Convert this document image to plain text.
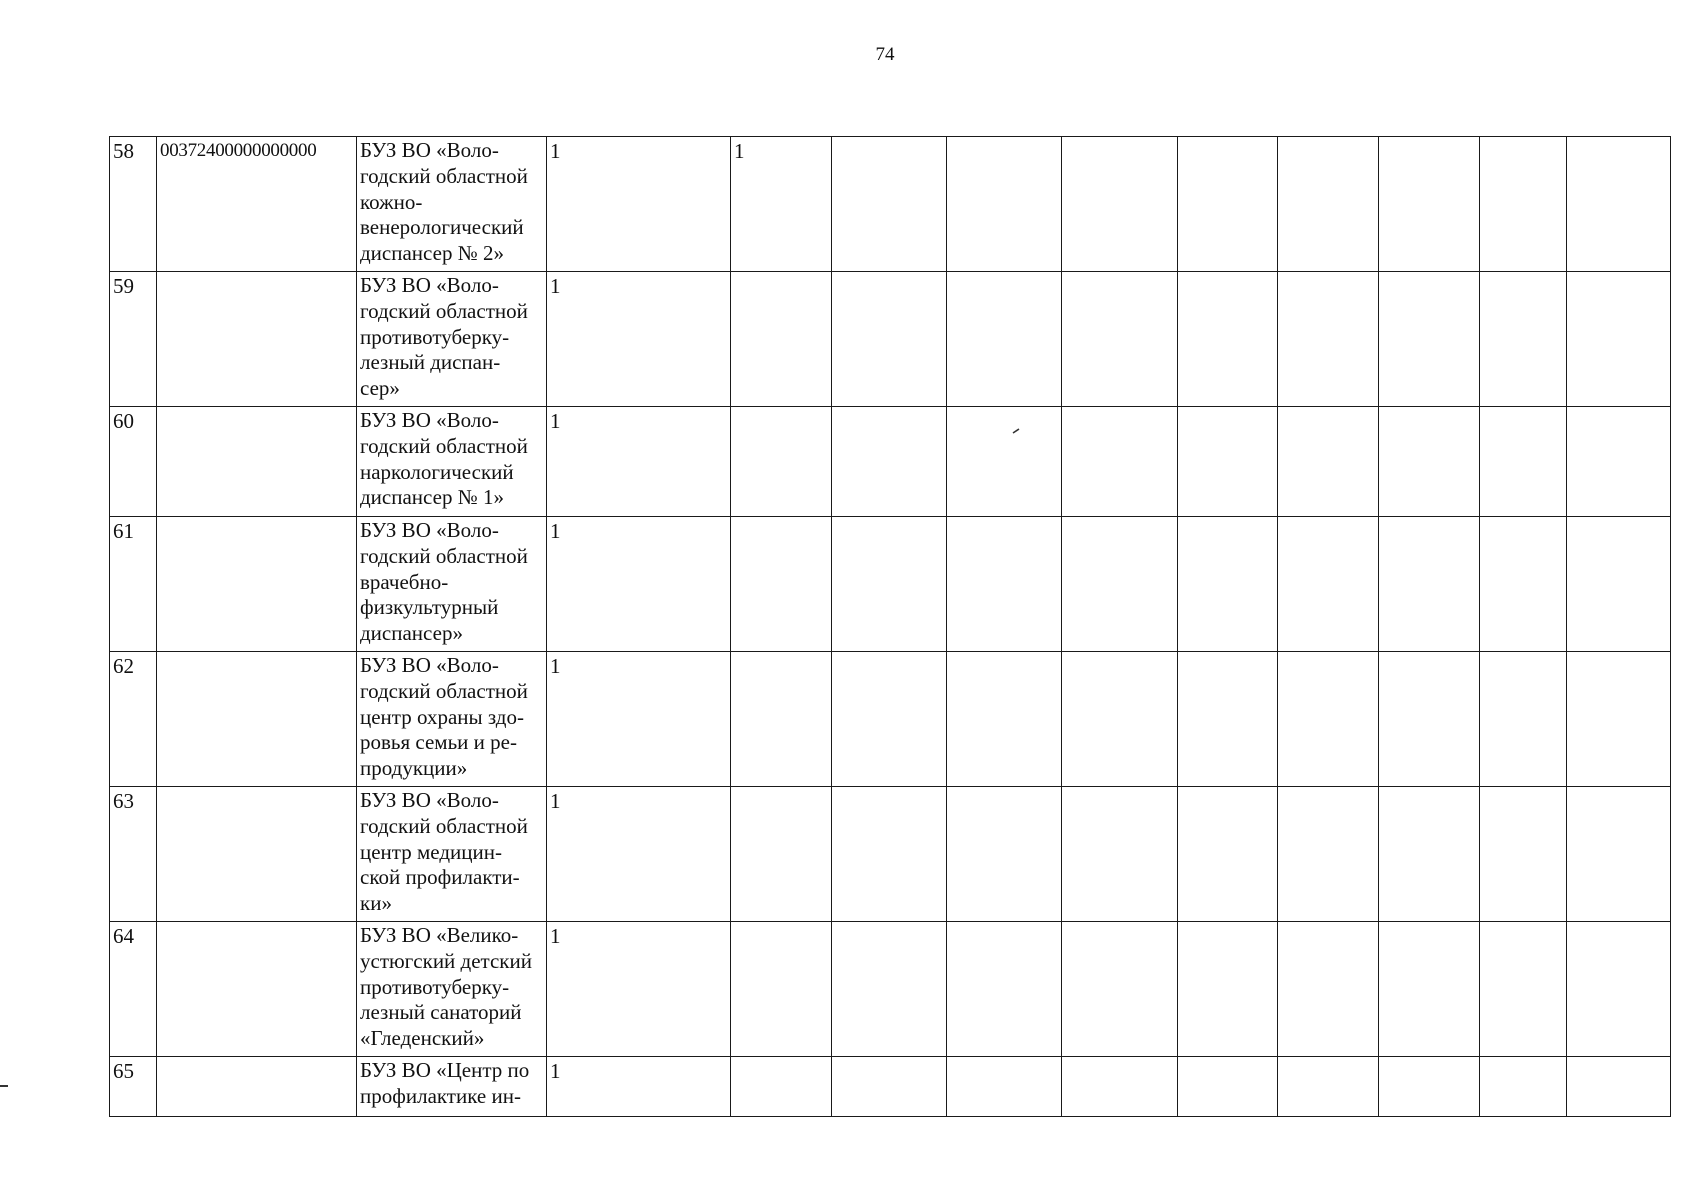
74
58	00372400000000000	БУЗ ВО «Воло-
годский областной
кожно-
венерологический
диспансер № 2»	1	1								
59		БУЗ ВО «Воло-
годский областной
противотуберку-
лезный диспан-
сер»	1									
60		БУЗ ВО «Воло-
годский областной
наркологический
диспансер № 1»	1									
61		БУЗ ВО «Воло-
годский областной
врачебно-
физкультурный
диспансер»	1									
62		БУЗ ВО «Воло-
годский областной
центр охраны здо-
ровья семьи и ре-
продукции»	1									
63		БУЗ ВО «Воло-
годский областной
центр медицин-
ской профилакти-
ки»	1									
64		БУЗ ВО «Велико-
устюгский детский
противотуберку-
лезный санаторий
«Гледенский»	1									
65		БУЗ ВО «Центр по
профилактике ин-	1									
